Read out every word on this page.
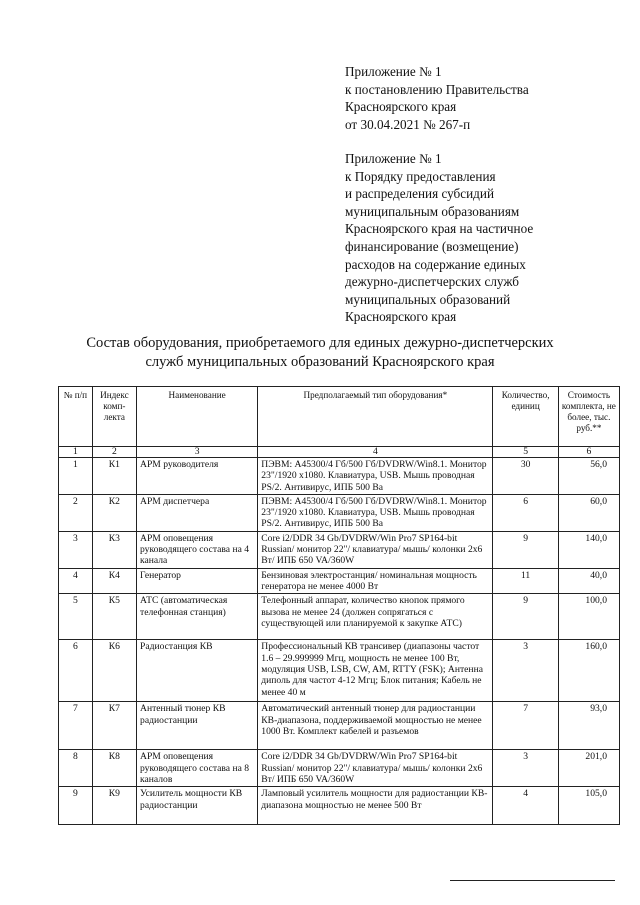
Приложение № 1
к постановлению Правительства
Красноярского края
от 30.04.2021 № 267-п
Приложение № 1
к Порядку предоставления
и распределения субсидий
муниципальным образованиям
Красноярского края на частичное
финансирование (возмещение)
расходов на содержание единых
дежурно-диспетчерских служб
муниципальных образований
Красноярского края
Состав оборудования, приобретаемого для единых дежурно-диспетчерских
служб муниципальных образований Красноярского края
№ п/п	Индекс комп-лекта	Наименование	Предполагаемый тип оборудования*	Количество, единиц	Стоимость комплекта, не более, тыс. руб.**
1	2	3	4	5	6
1	К1	АРМ руководителя	ПЭВМ: A45300/4 Гб/500 Гб/DVDRW/Win8.1. Монитор 23"/1920 x1080. Клавиатура, USB. Мышь проводная PS/2. Антивирус, ИПБ 500 Ва	30	56,0
2	К2	АРМ диспетчера	ПЭВМ: A45300/4 Гб/500 Гб/DVDRW/Win8.1. Монитор 23"/1920 x1080. Клавиатура, USB. Мышь проводная PS/2. Антивирус, ИПБ 500 Ва	6	60,0
3	К3	АРМ оповещения руководящего состава на 4 канала	Core i2/DDR 34 Gb/DVDRW/Win Pro7 SP164-bit Russian/ монитор 22"/ клавиатура/ мышь/ колонки 2х6 Вт/ ИПБ 650 VA/360W	9	140,0
4	К4	Генератор	Бензиновая электростанция/ номинальная мощность генератора не менее 4000 Вт	11	40,0
5	К5	АТС (автоматическая телефонная станция)	Телефонный аппарат, количество кнопок прямого вызова не менее 24 (должен сопрягаться с существующей или планируемой к закупке АТС)	9	100,0
6	К6	Радиостанция КВ	Профессиональный КВ трансивер (диапазоны частот 1.6 – 29.999999 Мгц, мощность не менее 100 Вт, модуляция USB, LSB, CW, AM, RTTY (FSK); Антенна диполь для частот 4-12 Мгц; Блок питания; Кабель не менее 40 м	3	160,0
7	К7	Антенный тюнер КВ радиостанции	Автоматический антенный тюнер для радиостанции КВ-диапазона, поддерживаемой мощностью не менее 1000 Вт. Комплект кабелей и разъемов	7	93,0
8	К8	АРМ оповещения руководящего состава на 8 каналов	Core i2/DDR 34 Gb/DVDRW/Win Pro7 SP164-bit Russian/ монитор 22"/ клавиатура/ мышь/ колонки 2х6 Вт/ ИПБ 650 VA/360W	3	201,0
9	К9	Усилитель мощности КВ радиостанции	Ламповый усилитель мощности для радиостанции КВ-диапазона мощностью не менее 500 Вт	4	105,0
